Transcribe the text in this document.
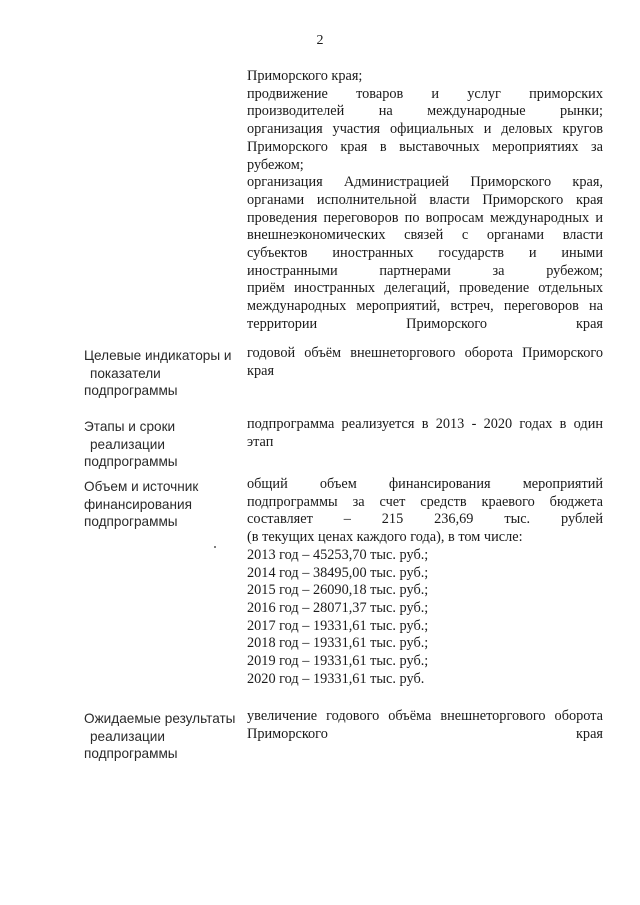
2

Приморского края;

продвижение товаров и услуг приморских производителей на международные рынки;

организация участия официальных и деловых кругов Приморского края в выставочных мероприятиях за рубежом;

организация Администрацией Приморского края, органами исполнительной власти Приморского края проведения переговоров по вопросам международных и внешнеэкономических связей с органами власти субъектов иностранных государств и иными иностранными партнерами за рубежом;

приём иностранных делегаций, проведение отдельных международных мероприятий, встреч, переговоров на территории Приморского края

Целевые индикаторы и
показатели
подпрограммы

годовой объём внешнеторгового оборота Приморского края

Этапы и сроки
реализации
подпрограммы

подпрограмма реализуется в 2013 - 2020 годах в один этап

Объем и источник
финансирования
подпрограммы

общий объем финансирования мероприятий подпрограммы за счет средств краевого бюджета составляет – 215 236,69 тыс. рублей

(в текущих ценах каждого года), в том числе:

2013 год – 45253,70 тыс. руб.;

2014 год – 38495,00 тыс. руб.;

2015 год – 26090,18 тыс. руб.;

2016 год – 28071,37 тыс. руб.;

2017 год – 19331,61 тыс. руб.;

2018 год – 19331,61 тыс. руб.;

2019 год – 19331,61 тыс. руб.;

2020 год – 19331,61 тыс. руб.

Ожидаемые результаты
реализации
подпрограммы

увеличение годового объёма внешнеторгового оборота Приморского края
